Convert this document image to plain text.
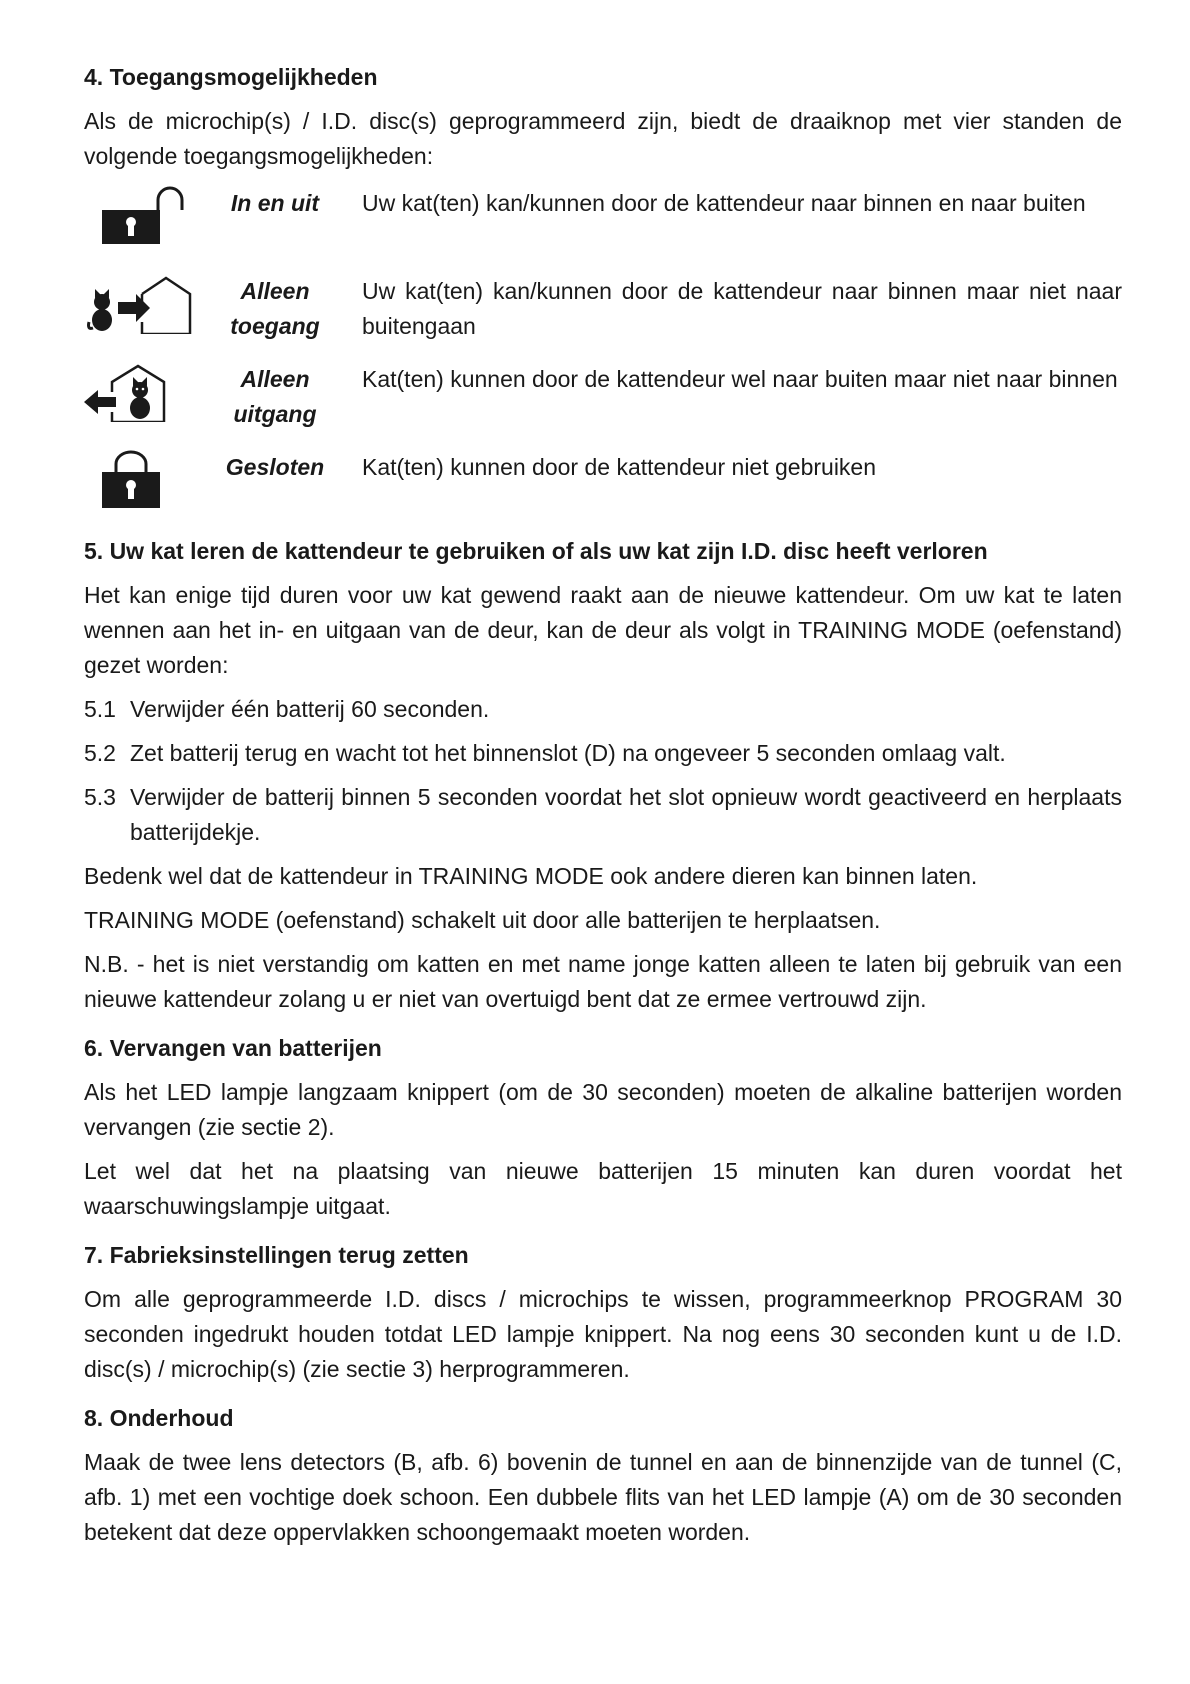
4. Toegangsmogelijkheden

Als de microchip(s) / I.D. disc(s) geprogrammeerd zijn, biedt de draaiknop met vier standen de volgende toegangsmogelijkheden:

In en uit	Uw kat(ten) kan/kunnen door de kattendeur naar binnen en naar buiten
Alleen toegang
Uw kat(ten) kan/kunnen door de kattendeur naar binnen maar niet naar buitengaan
Alleen uitgang
Kat(ten) kunnen door de kattendeur wel naar buiten maar niet naar binnen
Gesloten	Kat(ten) kunnen door de kattendeur niet gebruiken
5. Uw kat leren de kattendeur te gebruiken of als uw kat zijn I.D. disc heeft verloren

Het kan enige tijd duren voor uw kat gewend raakt aan de nieuwe kattendeur. Om uw kat te laten wennen aan het in- en uitgaan van de deur, kan de deur als volgt in TRAINING MODE (oefenstand) gezet worden:

5.1 Verwijder één batterij 60 seconden.
5.2 Zet batterij terug en wacht tot het binnenslot (D) na ongeveer 5 seconden omlaag valt.
5.3 Verwijder de batterij binnen 5 seconden voordat het slot opnieuw wordt geactiveerd en herplaats batterijdekje.

Bedenk wel dat de kattendeur in TRAINING MODE ook andere dieren kan binnen laten.

TRAINING MODE (oefenstand) schakelt uit door alle batterijen te herplaatsen.

N.B. - het is niet verstandig om katten en met name jonge katten alleen te laten bij gebruik van een nieuwe kattendeur zolang u er niet van overtuigd bent dat ze ermee vertrouwd zijn.

6. Vervangen van batterijen

Als het LED lampje langzaam knippert (om de 30 seconden) moeten de alkaline batterijen worden vervangen (zie sectie 2).

Let wel dat het na plaatsing van nieuwe batterijen 15 minuten kan duren voordat het waarschuwingslampje uitgaat.

7. Fabrieksinstellingen terug zetten

Om alle geprogrammeerde I.D. discs / microchips te wissen, programmeerknop PROGRAM 30 seconden ingedrukt houden totdat LED lampje knippert. Na nog eens 30 seconden kunt u de I.D. disc(s) / microchip(s) (zie sectie 3) herprogrammeren.

8. Onderhoud

Maak de twee lens detectors (B, afb. 6) bovenin de tunnel en aan de binnenzijde van de tunnel (C, afb. 1) met een vochtige doek schoon. Een dubbele flits van het LED lampje (A) om de 30 seconden betekent dat deze oppervlakken schoongemaakt moeten worden.
